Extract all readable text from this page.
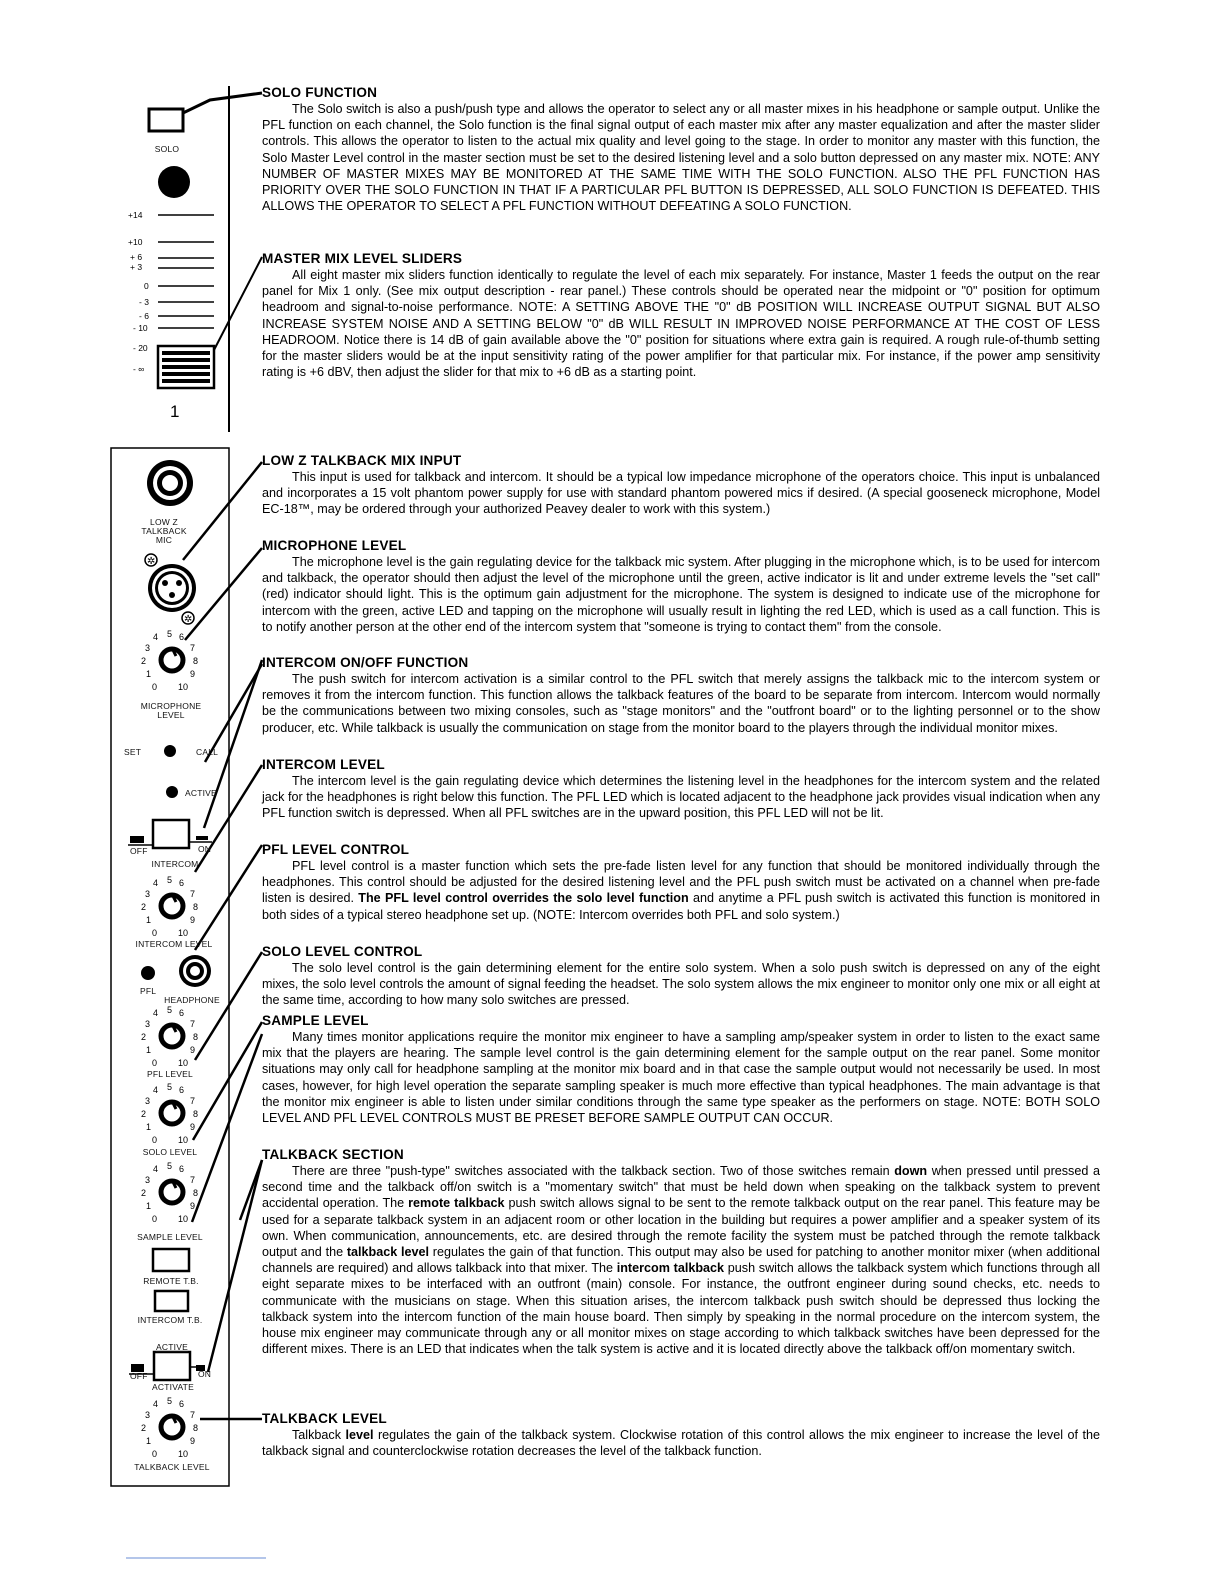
✲
✲
SOLO
+14
+10
+ 6
+ 3
0
- 3
- 6
- 10
- 20
- ∞
1
LOW Z
TALKBACK
MIC
0
1
2
3
4 5 6
7
8
9
10
MICROPHONE
LEVEL
SET	CALL
ACTIVE
OFF	ON
INTERCOM
0
1
2
3
4 5 6
7
8
9
10
INTERCOM LEVEL
PFL
HEADPHONE
0
1
2
3
4 5 6
7
8
9
10
PFL LEVEL
0
1
2
3
4 5 6
7
8
9
10
SOLO LEVEL
0
1
2
3
4 5 6
7
8
9
10
SAMPLE LEVEL
REMOTE T.B.
INTERCOM T.B.
ACTIVE
OFF	ON
ACTIVATE
0
1
2
3
4 5 6
7
8
9
10
TALKBACK LEVEL
SOLO FUNCTION

The Solo switch is also a push/push type and allows the operator to select any or all master mixes in his headphone or sample output. Unlike the PFL function on each channel, the Solo function is the final signal output of each master mix after any master equalization and after the master slider controls. This allows the operator to listen to the actual mix quality and level going to the stage. In order to monitor any master with this function, the Solo Master Level control in the master section must be set to the desired listening level and a solo button depressed on any master mix. NOTE: ANY NUMBER OF MASTER MIXES MAY BE MONITORED AT THE SAME TIME WITH THE SOLO FUNCTION. ALSO THE PFL FUNCTION HAS PRIORITY OVER THE SOLO FUNCTION IN THAT IF A PARTICULAR PFL BUTTON IS DEPRESSED, ALL SOLO FUNCTION IS DEFEATED. THIS ALLOWS THE OPERATOR TO SELECT A PFL FUNCTION WITHOUT DEFEATING A SOLO FUNCTION.

MASTER MIX LEVEL SLIDERS

All eight master mix sliders function identically to regulate the level of each mix separately. For instance, Master 1 feeds the output on the rear panel for Mix 1 only. (See mix output description - rear panel.) These controls should be operated near the midpoint or "0" position for optimum headroom and signal-to-noise performance. NOTE: A SETTING ABOVE THE "0" dB POSITION WILL INCREASE OUTPUT SIGNAL BUT ALSO INCREASE SYSTEM NOISE AND A SETTING BELOW "0" dB WILL RESULT IN IMPROVED NOISE PERFORMANCE AT THE COST OF LESS HEADROOM. Notice there is 14 dB of gain available above the "0" position for situations where extra gain is required. A rough rule-of-thumb setting for the master sliders would be at the input sensitivity rating of the power amplifier for that particular mix. For instance, if the power amp sensitivity rating is +6 dBV, then adjust the slider for that mix to +6 dB as a starting point.

LOW Z TALKBACK MIX INPUT

This input is used for talkback and intercom. It should be a typical low impedance microphone of the operators choice. This input is unbalanced and incorporates a 15 volt phantom power supply for use with standard phantom powered mics if desired. (A special gooseneck microphone, Model EC-18™, may be ordered through your authorized Peavey dealer to work with this system.)

MICROPHONE LEVEL

The microphone level is the gain regulating device for the talkback mic system. After plugging in the microphone which, is to be used for intercom and talkback, the operator should then adjust the level of the microphone until the green, active indicator is lit and under extreme levels the "set call" (red) indicator should light. This is the optimum gain adjustment for the microphone. The system is designed to indicate use of the microphone for intercom with the green, active LED and tapping on the microphone will usually result in lighting the red LED, which is used as a call function. This is to notify another person at the other end of the intercom system that "someone is trying to contact them" from the console.

INTERCOM ON/OFF FUNCTION

The push switch for intercom activation is a similar control to the PFL switch that merely assigns the talkback mic to the intercom system or removes it from the intercom function. This function allows the talkback features of the board to be separate from intercom. Intercom would normally be the communications between two mixing consoles, such as "stage monitors" and the "outfront board" or to the lighting personnel or to the show producer, etc. While talkback is usually the communication on stage from the monitor board to the players through the individual monitor mixes.

INTERCOM LEVEL

The intercom level is the gain regulating device which determines the listening level in the headphones for the intercom system and the related jack for the headphones is right below this function. The PFL LED which is located adjacent to the headphone jack provides visual indication when any PFL function switch is depressed. When all PFL switches are in the upward position, this PFL LED will not be lit.

PFL LEVEL CONTROL

PFL level control is a master function which sets the pre-fade listen level for any function that should be monitored individually through the headphones. This control should be adjusted for the desired listening level and the PFL push switch must be activated on a channel when pre-fade listen is desired. The PFL level control overrides the solo level function and anytime a PFL push switch is activated this function is monitored in both sides of a typical stereo headphone set up. (NOTE: Intercom overrides both PFL and solo system.)

SOLO LEVEL CONTROL

The solo level control is the gain determining element for the entire solo system. When a solo push switch is depressed on any of the eight mixes, the solo level controls the amount of signal feeding the headset. The solo system allows the mix engineer to monitor only one mix or all eight at the same time, according to how many solo switches are pressed.

SAMPLE LEVEL

Many times monitor applications require the monitor mix engineer to have a sampling amp/speaker system in order to listen to the exact same mix that the players are hearing. The sample level control is the gain determining element for the sample output on the rear panel. Some monitor situations may only call for headphone sampling at the monitor mix board and in that case the sample output would not necessarily be used. In most cases, however, for high level operation the separate sampling speaker is much more effective than typical headphones. The main advantage is that the monitor mix engineer is able to listen under similar conditions through the same type speaker as the performers on stage. NOTE: BOTH SOLO LEVEL AND PFL LEVEL CONTROLS MUST BE PRESET BEFORE SAMPLE OUTPUT CAN OCCUR.

TALKBACK SECTION

There are three "push-type" switches associated with the talkback section. Two of those switches remain down when pressed until pressed a second time and the talkback off/on switch is a "momentary switch" that must be held down when speaking on the talkback system to prevent accidental operation. The remote talkback push switch allows signal to be sent to the remote talkback output on the rear panel. This feature may be used for a separate talkback system in an adjacent room or other location in the building but requires a power amplifier and a speaker system of its own. When communication, announcements, etc. are desired through the remote facility the system must be patched through the remote talkback output and the talkback level regulates the gain of that function. This output may also be used for patching to another monitor mixer (when additional channels are required) and allows talkback into that mixer. The intercom talkback push switch allows the talkback system which functions through all eight separate mixes to be interfaced with an outfront (main) console. For instance, the outfront engineer during sound checks, etc. needs to communicate with the musicians on stage. When this situation arises, the intercom talkback push switch should be depressed thus locking the talkback system into the intercom function of the main house board. Then simply by speaking in the normal procedure on the intercom system, the house mix engineer may communicate through any or all monitor mixes on stage according to which talkback switches have been depressed for the different mixes. There is an LED that indicates when the talk system is active and it is located directly above the talkback off/on momentary switch.

TALKBACK LEVEL

Talkback level regulates the gain of the talkback system. Clockwise rotation of this control allows the mix engineer to increase the level of the talkback signal and counterclockwise rotation decreases the level of the talkback function.
